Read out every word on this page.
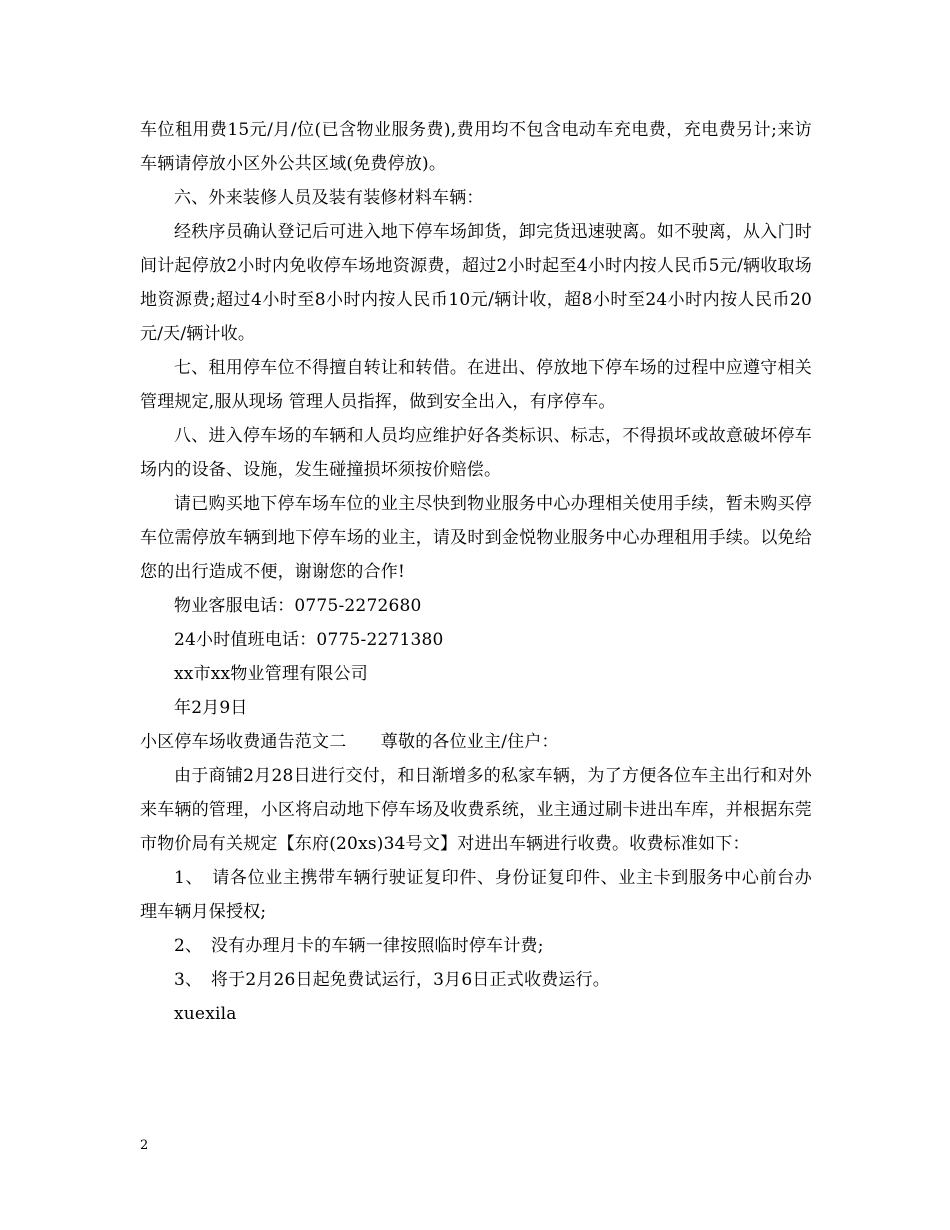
车位租用费15元/月/位(已含物业服务费),费用均不包含电动车充电费，充电费另计;来访车辆请停放小区外公共区域(免费停放)。

六、外来装修人员及装有装修材料车辆：

经秩序员确认登记后可进入地下停车场卸货，卸完货迅速驶离。如不驶离，从入门时间计起停放2小时内免收停车场地资源费，超过2小时起至4小时内按人民币5元/辆收取场地资源费;超过4小时至8小时内按人民币10元/辆计收，超8小时至24小时内按人民币20元/天/辆计收。

七、租用停车位不得擅自转让和转借。在进出、停放地下停车场的过程中应遵守相关管理规定,服从现场 管理人员指挥，做到安全出入，有序停车。

八、进入停车场的车辆和人员均应维护好各类标识、标志，不得损坏或故意破坏停车场内的设备、设施，发生碰撞损坏须按价赔偿。

请已购买地下停车场车位的业主尽快到物业服务中心办理相关使用手续，暂未购买停车位需停放车辆到地下停车场的业主，请及时到金悦物业服务中心办理租用手续。以免给您的出行造成不便，谢谢您的合作!

物业客服电话：0775-2272680

24小时值班电话：0775-2271380

xx市xx物业管理有限公司

年2月9日

小区停车场收费通告范文二　　尊敬的各位业主/住户：

由于商铺2月28日进行交付，和日渐增多的私家车辆，为了方便各位车主出行和对外来车辆的管理，小区将启动地下停车场及收费系统，业主通过刷卡进出车库，并根据东莞市物价局有关规定【东府(20xs)34号文】对进出车辆进行收费。收费标准如下：

1、　请各位业主携带车辆行驶证复印件、身份证复印件、业主卡到服务中心前台办理车辆月保授权;

2、　没有办理月卡的车辆一律按照临时停车计费;

3、　将于2月26日起免费试运行，3月6日正式收费运行。

xuexila

2
